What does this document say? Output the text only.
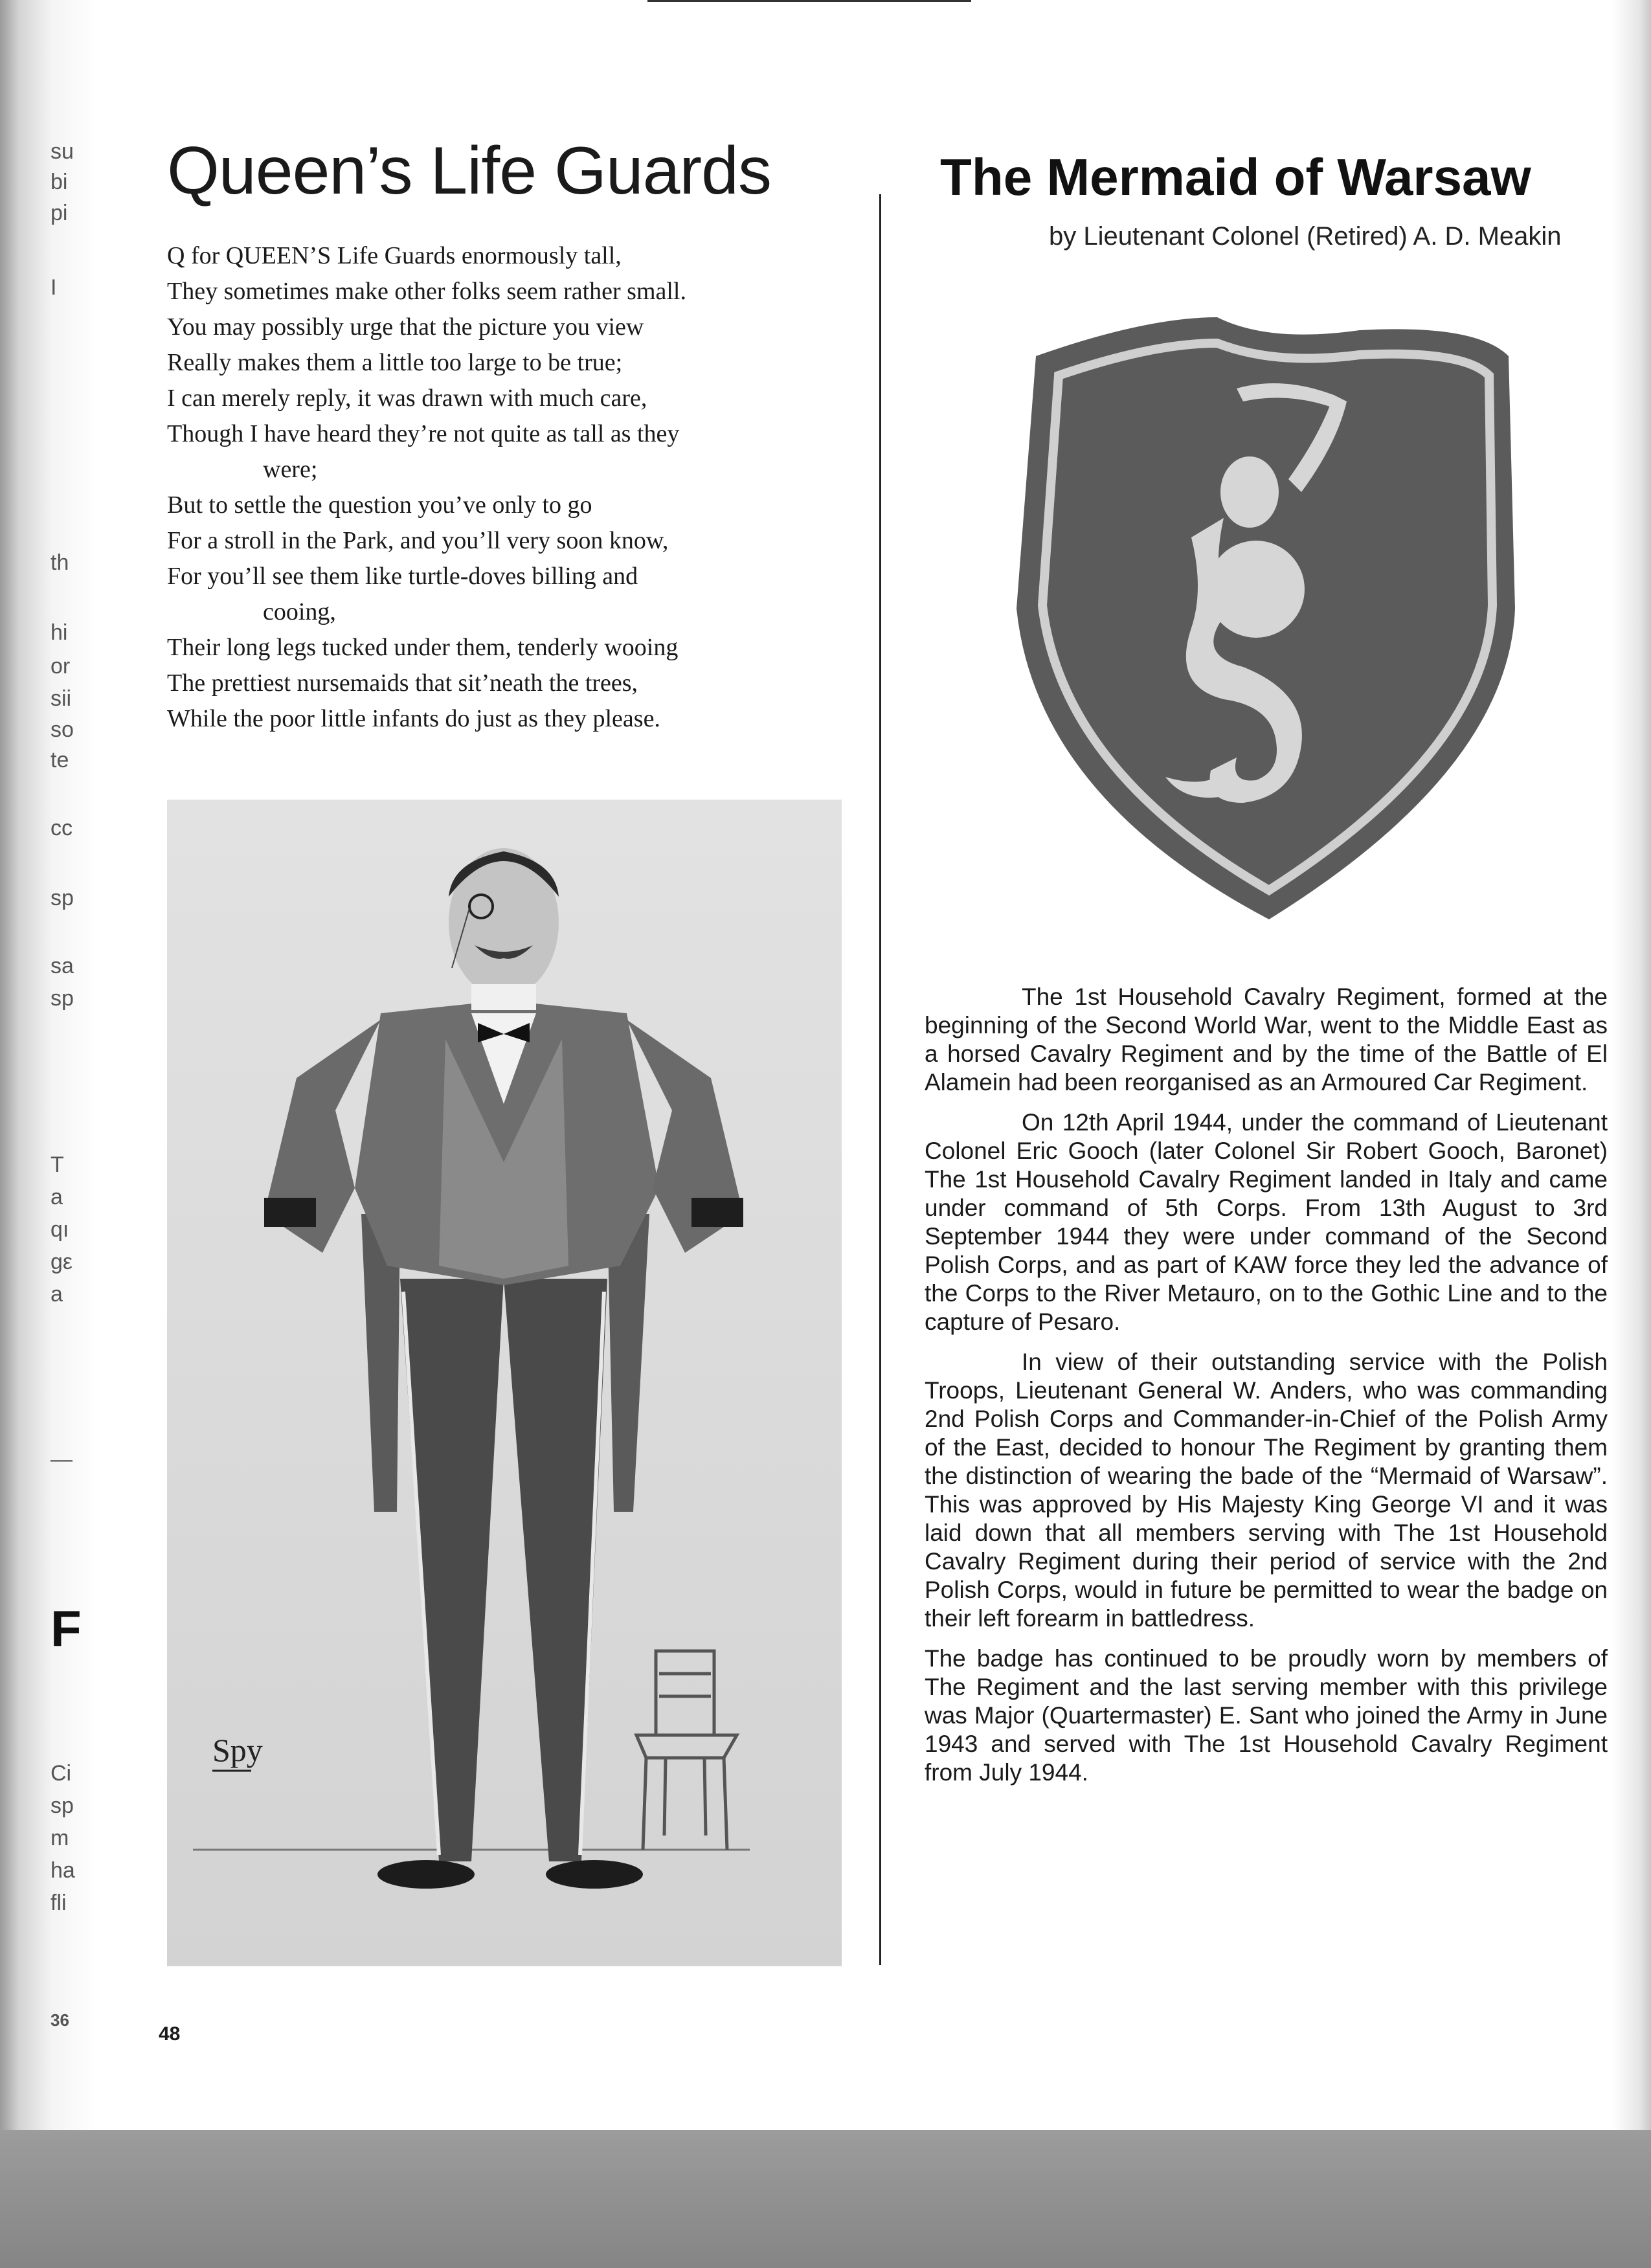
su
bi
pi
I
th
hi
or
sii
so
te
cc
sp
sa
sp
T
a
qı
gε
a
—
F
Ci
sp
m
ha
fli
36
Queen’s Life Guards
Q for QUEEN’S Life Guards enormously tall,
They sometimes make other folks seem rather small.
You may possibly urge that the picture you view
Really makes them a little too large to be true;
I can merely reply, it was drawn with much care,
Though I have heard they’re not quite as tall as they
were;
But to settle the question you’ve only to go
For a stroll in the Park, and you’ll very soon know,
For you’ll see them like turtle-doves billing and
cooing,
Their long legs tucked under them, tenderly wooing
The prettiest nursemaids that sit’neath the trees,
While the poor little infants do just as they please.
Spy
48
The Mermaid of Warsaw
by Lieutenant Colonel (Retired) A. D. Meakin

The 1st Household Cavalry Regiment, formed at the beginning of the Second World War, went to the Middle East as a horsed Cavalry Regiment and by the time of the Battle of El Alamein had been reorganised as an Armoured Car Regiment.

On 12th April 1944, under the command of Lieutenant Colonel Eric Gooch (later Colonel Sir Robert Gooch, Baronet) The 1st Household Cavalry Regiment landed in Italy and came under command of 5th Corps. From 13th August to 3rd September 1944 they were under command of the Second Polish Corps, and as part of KAW force they led the advance of the Corps to the River Metauro, on to the Gothic Line and to the capture of Pesaro.

In view of their outstanding service with the Polish Troops, Lieutenant General W. Anders, who was commanding 2nd Polish Corps and Commander-in-Chief of the Polish Army of the East, decided to honour The Regiment by granting them the distinction of wearing the bade of the “Mermaid of Warsaw”. This was approved by His Majesty King George VI and it was laid down that all members serving with The 1st Household Cavalry Regiment during their period of service with the 2nd Polish Corps, would in future be permitted to wear the badge on their left forearm in battledress.

The badge has continued to be proudly worn by members of The Regiment and the last serving member with this privilege was Major (Quartermaster) E. Sant who joined the Army in June 1943 and served with The 1st Household Cavalry Regiment from July 1944.
